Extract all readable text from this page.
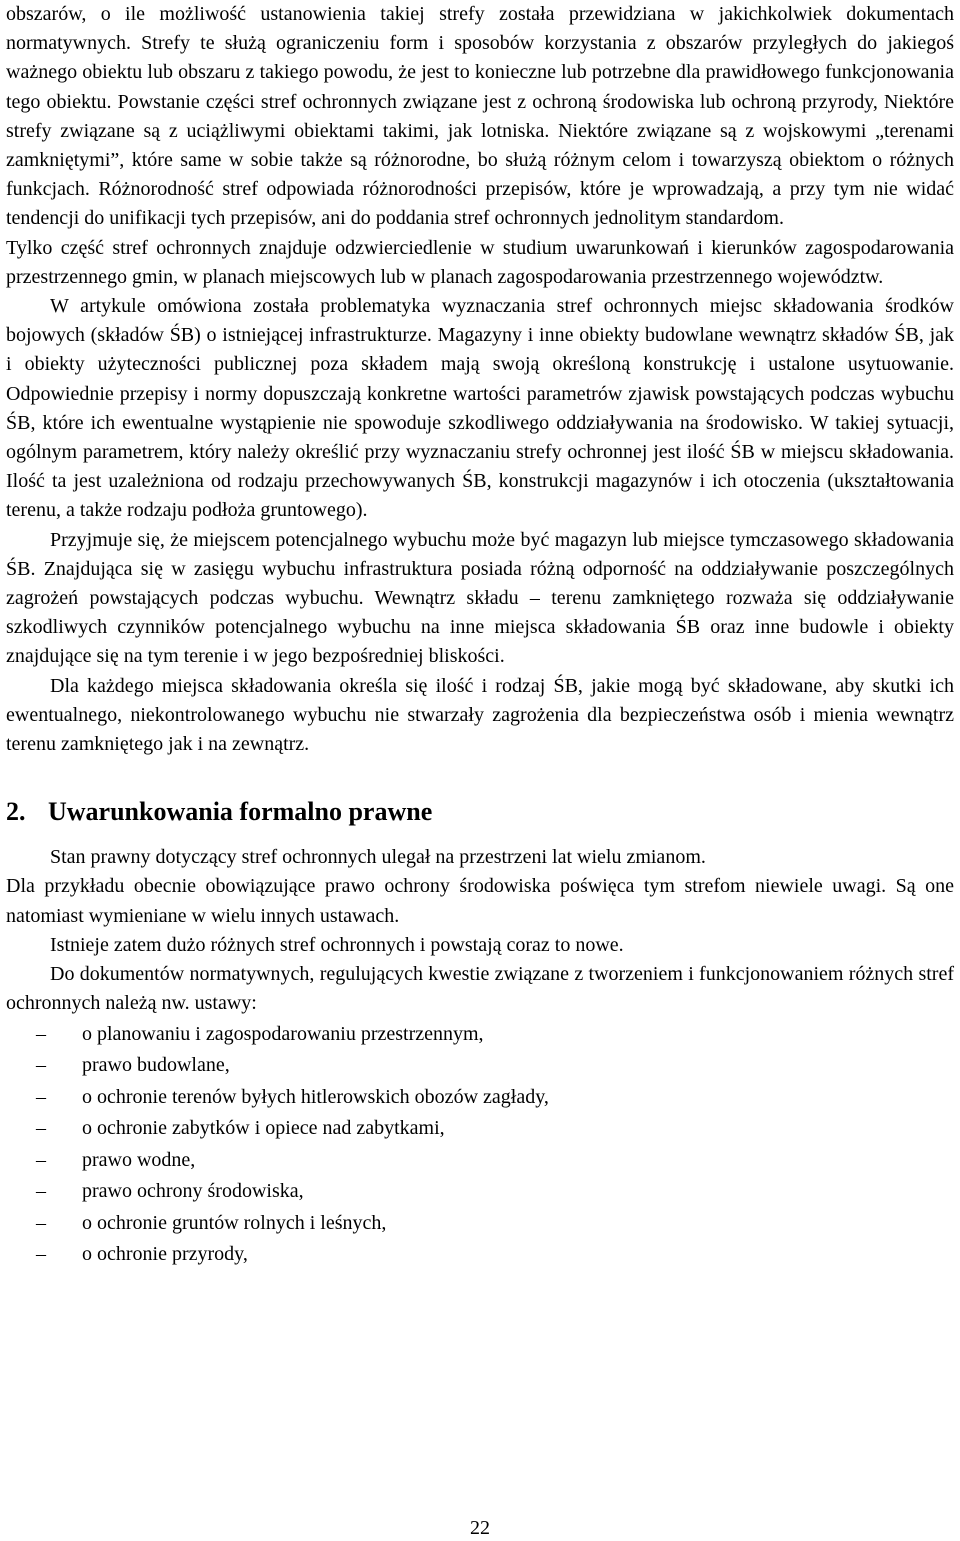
obszarów, o ile możliwość ustanowienia takiej strefy została przewidziana w jakichkolwiek dokumentach normatywnych. Strefy te służą ograniczeniu form i sposobów korzystania z obszarów przyległych do jakiegoś ważnego obiektu lub obszaru z takiego powodu, że jest to konieczne lub potrzebne dla prawidłowego funkcjonowania tego obiektu. Powstanie części stref ochronnych związane jest z ochroną środowiska lub ochroną przyrody, Niektóre strefy związane są z uciążliwymi obiektami takimi, jak lotniska. Niektóre związane są z wojskowymi „terenami zamkniętymi”, które same w sobie także są różnorodne, bo służą różnym celom i towarzyszą obiektom o różnych funkcjach. Różnorodność stref odpowiada różnorodności przepisów, które je wprowadzają, a przy tym nie widać tendencji do unifikacji tych przepisów, ani do poddania stref ochronnych jednolitym standardom.

Tylko część stref ochronnych znajduje odzwierciedlenie w studium uwarunkowań i kierunków zagospodarowania przestrzennego gmin, w planach miejscowych lub w planach zagospodarowania przestrzennego województw.

W artykule omówiona została problematyka wyznaczania stref ochronnych miejsc składowania środków bojowych (składów ŚB) o istniejącej infrastrukturze. Magazyny i inne obiekty budowlane wewnątrz składów ŚB, jak i obiekty użyteczności publicznej poza składem mają swoją określoną konstrukcję i ustalone usytuowanie. Odpowiednie przepisy i normy dopuszczają konkretne wartości parametrów zjawisk powstających podczas wybuchu ŚB, które ich ewentualne wystąpienie nie spowoduje szkodliwego oddziaływania na środowisko. W takiej sytuacji, ogólnym parametrem, który należy określić przy wyznaczaniu strefy ochronnej jest ilość ŚB w miejscu składowania. Ilość ta jest uzależniona od rodzaju przechowywanych ŚB, konstrukcji magazynów i ich otoczenia (ukształtowania terenu, a także rodzaju podłoża gruntowego).

Przyjmuje się, że miejscem potencjalnego wybuchu może być magazyn lub miejsce tymczasowego składowania ŚB. Znajdująca się w zasięgu wybuchu infrastruktura posiada różną odporność na oddziaływanie poszczególnych zagrożeń powstających podczas wybuchu. Wewnątrz składu – terenu zamkniętego rozważa się oddziaływanie szkodliwych czynników potencjalnego wybuchu na inne miejsca składowania ŚB oraz inne budowle i obiekty znajdujące się na tym terenie i w jego bezpośredniej bliskości.

Dla każdego miejsca składowania określa się ilość i rodzaj ŚB, jakie mogą być składowane, aby skutki ich ewentualnego, niekontrolowanego wybuchu nie stwarzały zagrożenia dla bezpieczeństwa osób i mienia wewnątrz terenu zamkniętego jak i na zewnątrz.

2. Uwarunkowania formalno prawne

Stan prawny dotyczący stref ochronnych ulegał na przestrzeni lat wielu zmianom.

Dla przykładu obecnie obowiązujące prawo ochrony środowiska poświęca tym strefom niewiele uwagi. Są one natomiast wymieniane w wielu innych ustawach.

Istnieje zatem dużo różnych stref ochronnych i powstają coraz to nowe.

Do dokumentów normatywnych, regulujących kwestie związane z tworzeniem i funkcjonowaniem różnych stref ochronnych należą nw. ustawy:

–	o planowaniu i zagospodarowaniu przestrzennym,
–	prawo budowlane,
–	o ochronie terenów byłych hitlerowskich obozów zagłady,
–	o ochronie zabytków i opiece nad zabytkami,
–	prawo wodne,
–	prawo ochrony środowiska,
–	o ochronie gruntów rolnych i leśnych,
–	o ochronie przyrody,
22
